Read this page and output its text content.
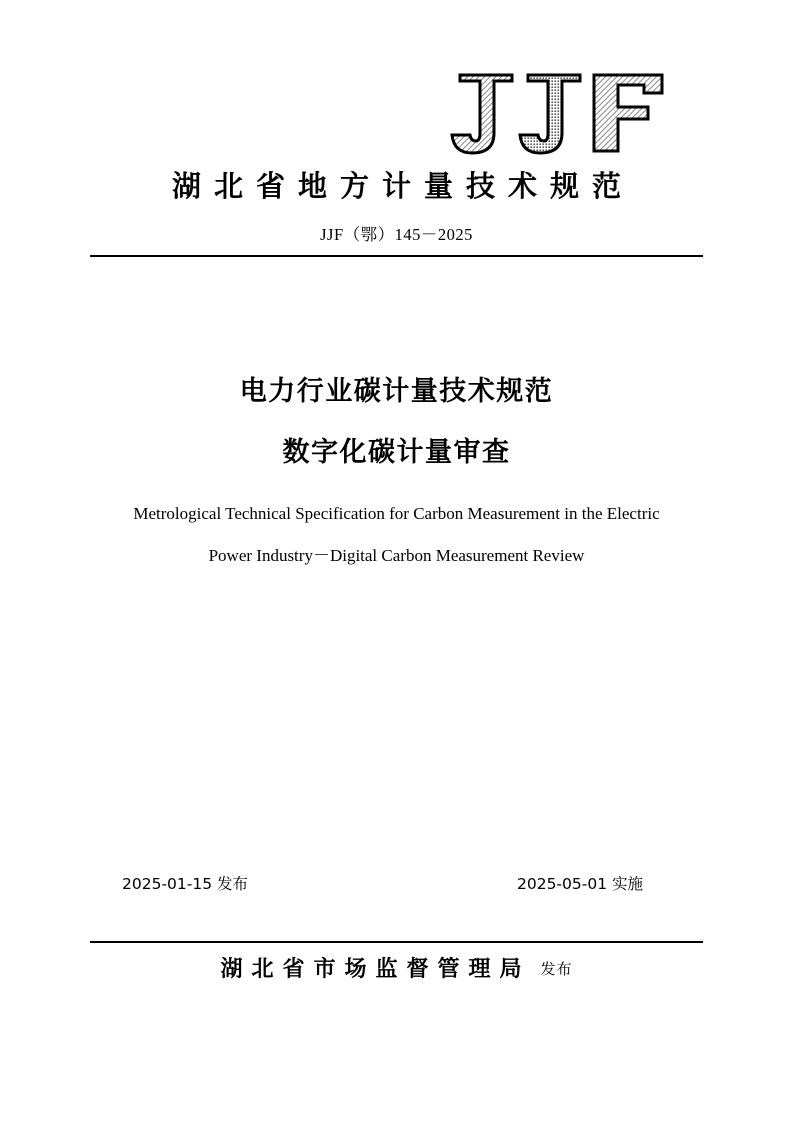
湖北省地方计量技术规范
JJF（鄂）145－2025
电力行业碳计量技术规范
数字化碳计量审查
Metrological Technical Specification for Carbon Measurement in the Electric
Power Industry－Digital Carbon Measurement Review
2025-01-15 发布	2025-05-01 实施
湖北省市场监督管理局 发布
